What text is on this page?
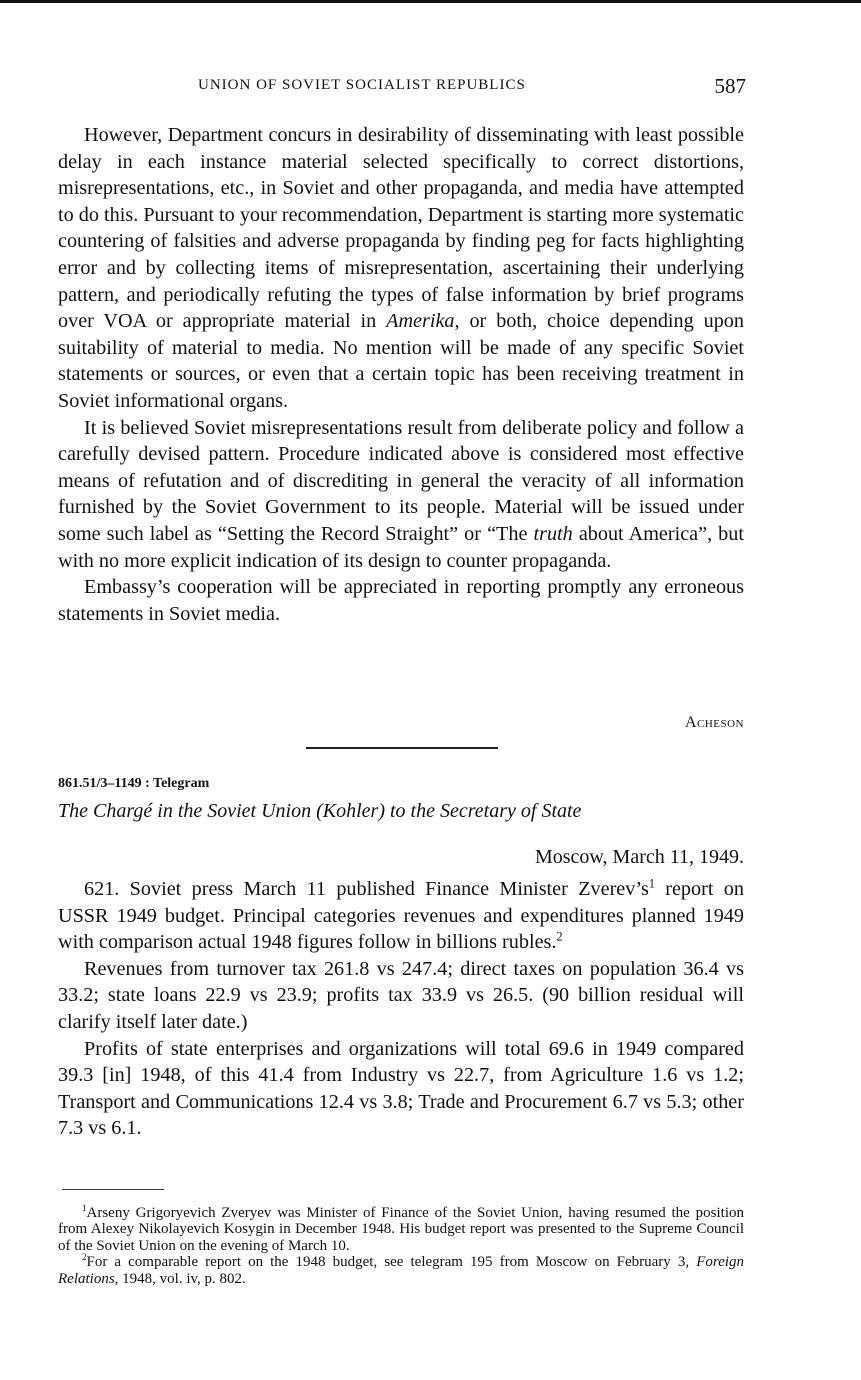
UNION OF SOVIET SOCIALIST REPUBLICS	587

However, Department concurs in desirability of disseminating with least possible delay in each instance material selected specifically to correct distortions, misrepresentations, etc., in Soviet and other propaganda, and media have attempted to do this. Pursuant to your recommendation, Department is starting more systematic countering of falsities and adverse propaganda by finding peg for facts highlighting error and by collecting items of misrepresentation, ascertaining their underlying pattern, and periodically refuting the types of false information by brief programs over VOA or appropriate material in Amerika, or both, choice depending upon suitability of material to media. No mention will be made of any specific Soviet statements or sources, or even that a certain topic has been receiving treatment in Soviet informational organs.

It is believed Soviet misrepresentations result from deliberate policy and follow a carefully devised pattern. Procedure indicated above is considered most effective means of refutation and of discrediting in general the veracity of all information furnished by the Soviet Government to its people. Material will be issued under some such label as “Setting the Record Straight” or “The truth about America”, but with no more explicit indication of its design to counter propaganda.

Embassy’s cooperation will be appreciated in reporting promptly any erroneous statements in Soviet media.

Acheson
861.51/3–1149 : Telegram
The Chargé in the Soviet Union (Kohler) to the Secretary of State
Moscow, March 11, 1949.

621. Soviet press March 11 published Finance Minister $Zverev’s^1$ report on USSR 1949 budget. Principal categories revenues and expenditures planned 1949 with comparison actual 1948 figures follow in billions rubles.$^2$

Revenues from turnover tax 261.8 vs 247.4; direct taxes on population 36.4 vs 33.2; state loans 22.9 vs 23.9; profits tax 33.9 vs 26.5. (90 billion residual will clarify itself later date.)

Profits of state enterprises and organizations will total 69.6 in 1949 compared 39.3 [in] 1948, of this 41.4 from Industry vs 22.7, from Agriculture 1.6 vs 1.2; Transport and Communications 12.4 vs 3.8; Trade and Procurement 6.7 vs 5.3; other 7.3 vs 6.1.

$^1$Arseny Grigoryevich Zveryev was Minister of Finance of the Soviet Union, having resumed the position from Alexey Nikolayevich Kosygin in December 1948. His budget report was presented to the Supreme Council of the Soviet Union on the evening of March 10.

$^2$For a comparable report on the 1948 budget, see telegram 195 from Moscow on February 3, Foreign Relations, 1948, vol. iv, p. 802.
